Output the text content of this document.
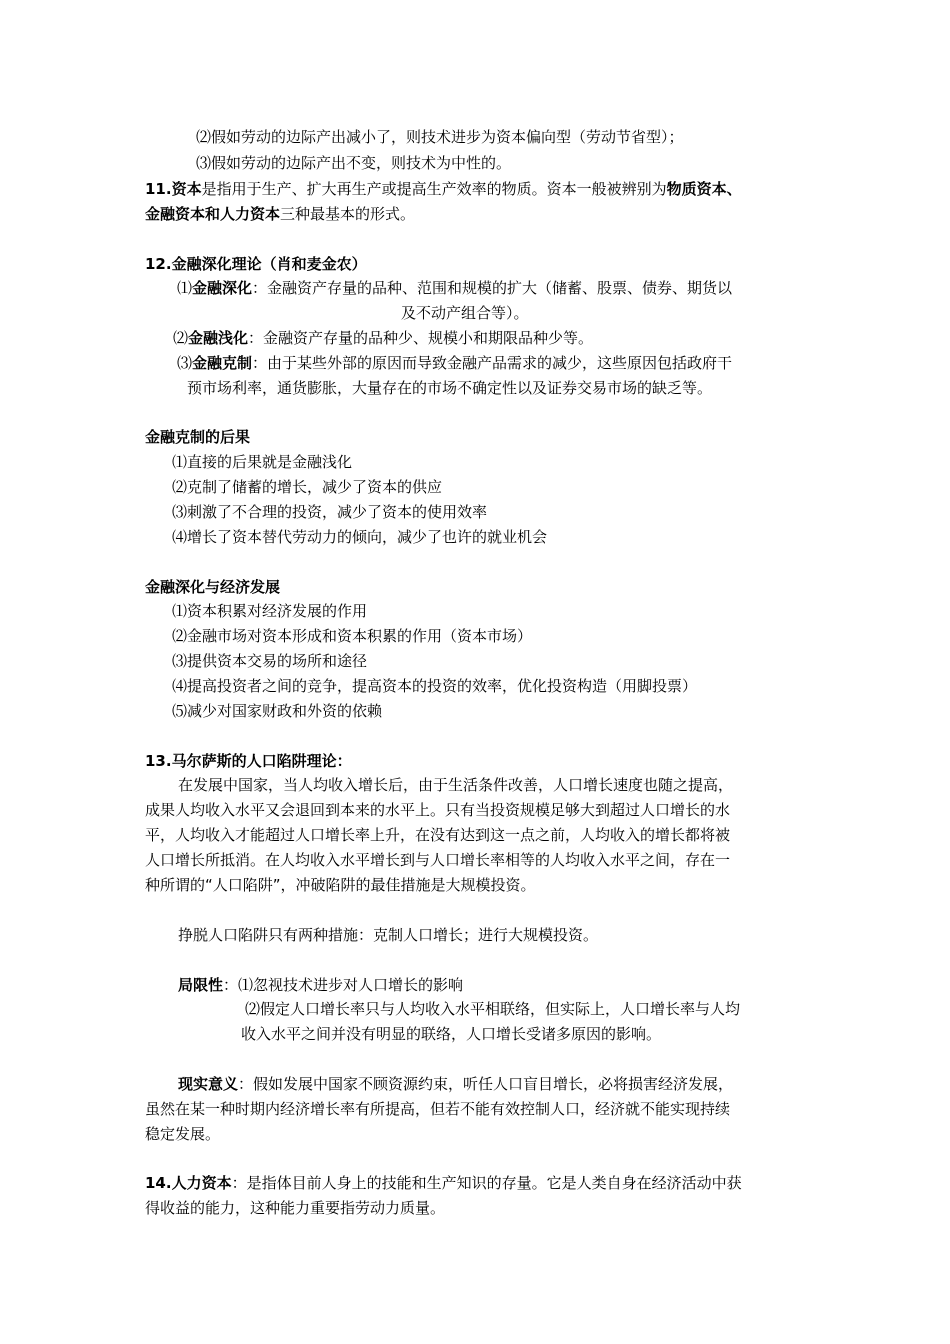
⑵假如劳动的边际产出减小了，则技术进步为资本偏向型（劳动节省型）；
⑶假如劳动的边际产出不变，则技术为中性的。
11.资本是指用于生产、扩大再生产或提高生产效率的物质。资本一般被辨别为物质资本、
金融资本和人力资本三种最基本的形式。
12.金融深化理论（肖和麦金农）
⑴金融深化：金融资产存量的品种、范围和规模的扩大（储蓄、股票、债券、期货以
及不动产组合等）。
⑵金融浅化：金融资产存量的品种少、规模小和期限品种少等。
⑶金融克制：由于某些外部的原因而导致金融产品需求的减少，这些原因包括政府干
预市场利率，通货膨胀，大量存在的市场不确定性以及证券交易市场的缺乏等。
金融克制的后果
⑴直接的后果就是金融浅化
⑵克制了储蓄的增长，减少了资本的供应
⑶刺激了不合理的投资，减少了资本的使用效率
⑷增长了资本替代劳动力的倾向，减少了也许的就业机会
金融深化与经济发展
⑴资本积累对经济发展的作用
⑵金融市场对资本形成和资本积累的作用（资本市场）
⑶提供资本交易的场所和途径
⑷提高投资者之间的竞争，提高资本的投资的效率，优化投资构造（用脚投票）
⑸减少对国家财政和外资的依赖
13.马尔萨斯的人口陷阱理论：
在发展中国家，当人均收入增长后，由于生活条件改善，人口增长速度也随之提高，
成果人均收入水平又会退回到本来的水平上。只有当投资规模足够大到超过人口增长的水
平，人均收入才能超过人口增长率上升，在没有达到这一点之前，人均收入的增长都将被
人口增长所抵消。在人均收入水平增长到与人口增长率相等的人均收入水平之间，存在一
种所谓的“人口陷阱”，冲破陷阱的最佳措施是大规模投资。
挣脱人口陷阱只有两种措施：克制人口增长；进行大规模投资。
局限性：⑴忽视技术进步对人口增长的影响
⑵假定人口增长率只与人均收入水平相联络，但实际上，人口增长率与人均
收入水平之间并没有明显的联络，人口增长受诸多原因的影响。
现实意义：假如发展中国家不顾资源约束，听任人口盲目增长，必将损害经济发展，
虽然在某一种时期内经济增长率有所提高，但若不能有效控制人口，经济就不能实现持续
稳定发展。
14.人力资本：是指体目前人身上的技能和生产知识的存量。它是人类自身在经济活动中获
得收益的能力，这种能力重要指劳动力质量。
